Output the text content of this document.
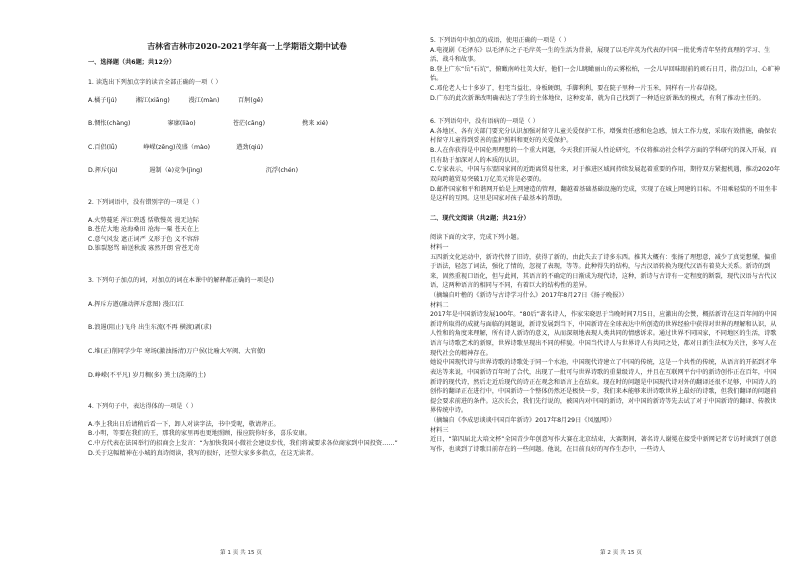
吉林省吉林市2020-2021学年高一上学期语文期中试卷
一、选择题（共6题；共12分）
1. 读选出下列加点字的读音全部正确的一项（ ）
A.橘子(jú)	湘江(xiāng)	漫江(màn)	百舸(gě)
B.惆怅(chàng)	寥廓(liào)	苍茫(cāng)	携来 xié)
C.百侣(lǚ)	峥嵘(zēng)茂盛（mào)	遒劲(qiú)
D.挥斥(jù)	遏制（è)竞争(jìng)	沉浮(chén)
2. 下列词语中，没有错别字的一项是（ ）
A.火势蔓延 浑江碧透 恬敬慢英 漫无边际
B.苍茫大地 沧海桑田 沧海一粟 苍天在上
C.意气风发 遮正词严 义形于色 义不容辞
D.锥裂怒骂 暗送秋波 寡然开朗 营苍无奇
3. 下列句子加点的词，对加点的词在本课中的解释都正确的一项是()
A.挥斥方遒(融动挥斥意图) 漫江(江
B.浪遏(阻止)飞舟 出生东流(不再 横渡)剥(求)
C.堆(正)削同学少年 寒场(激浊扬清)万户侯(比喻大军阀、大官僚)
D.峥嵘(不平凡) 岁月稠(多) 粪土(浇薄的土)
4. 下列句子中，表达得体的一项是（ ）
A.李上我出日后请稍后看一下，卸人对读字法，书中受呢，敬请斧正。
B.小明，等要在我们的王，那我的家里再也更地照顾，报应院你好多，喜乐安康。
C.中方代表在法国举行的招商会上发言：“为加快我国小微社会建设步伐，我们将诚要求各位商家到中国投资……”
D.关于这幅精神在小城的真诗阅读，我写的很好，还望大家多多指点，在这无读者。
5. 下列语句中加点的成语，使用正确的一项是（ ）
A.电视剧《毛泽东》以毛泽东之子毛岸英一生的生活为背景，展现了以毛岸英为代表的中国一批优秀青年坚持真理的学习、生活、战斗和故事。
B.登上广东“岳”石坑”，俯瞰南岭壮美大好，他们一会儿眺瞰丽山的云雾松柏，一会儿早回味眼前的顽石日月，指点江山，心旷神怡。
C.邓伦老人七十多岁了，但宅当益壮，身板硬朗，手脚利利，要在院子里种一片玉米，同样有一片春草挠。
D.广东的此次新课改明确表达了学生的主体地位，这种変革，就为自己找到了一种适应新课改的模式，有利了推动主任的。
6. 下列语句中，没有语病的一项是（ ）
A.各地区、各有关部门要充分认识加强对留守儿童关爱保护工作，增强责任感和危急感，加大工作力度，采取有效措施，确保农村留守儿童得到妥善的监护照料和更好的关爱保护。
B.人在你获得是中国伦理理想的一个重大问题，今天我们开展人性论研究，不仅将推动社会科学方面的学科研究的深入开展，而且有助于加深对人的本质的认识。
C.专家表示，中国与东盟国家间的近距离贸易往来，对于推进区域间持续发展起着重要的作用，期待双方紧握机遇，推动2020年双向跨越贸易突破1万亿美元将是必要的。
D.邮件国家和平和谐网开始是上网建造的管理，翻越着基础基础设施的完成，实现了在城上网建的目标。不用乘轻装的不用坐非是这样的互网。这里是国家对孩子最基本的帮助。
二、现代文阅读（共2题；共21分）
阅读下面的文字，完成下列小题。
材料一
五四新文化运动中，新诗代替了旧诗，获得了新的，由此失去了诗多东西。推其大概有：张扬了理想意，减少了真觉想懂，偏重于语法，轻忽了词法，强化了情的，忽视了表现，等等。此种得失的结构，与古汉语转换为现代汉语有着莫大关系。新诗的到来，固然重视口语化，但与此间，其语言的不确定的日渐成为现代诗，这种，新诗与古诗有一定程度的断裂，现代汉语与古代汉语，这两种语言的相同与不同，有着巨大的结构性的差异。
（摘编自叶橹的《新诗与古诗学习什么》2017年8月27日《扬子晚报》）
材料二
2017年是中国新诗发展100年。“80后”著名诗人，作家宋晓思于当晚时间7月5日，应激出的会赞，概括新诗在这百年间的中国新诗所取得的成就与面临的问题说，新诗发展到当下，中国新诗在全球表达中所创造的世界经验中获得对世界的理解和认识，从人性和的角度来理解，所有诗人新诗的意义，从而深刻地表现人类共同的情感诉求。通过世界不同国家，不同地区的生活，诗歌语言与诗歌艺术的新原，世界诗歌呈现出不同的样貌。中国当代诗人与世界诗人有共同之处，都对日新生法权为关注，多写人在现代社会的精神存在。
她说中国现代诗与世界诗歌的诗歌处于同一个水池，中国现代诗建立了中国的传统，这是一个共性的传统，从语言的开拓到才华表达等来说，中国新诗百年时了合代，出现了一批可与世界诗歌的重量级诗人，并且在互联网平台中的新诗创作正在百年，中国新诗的现代诗，然后走近后现代的诗正在观念和语言上在结束。现在时的问题是中国现代诗对外的翻译还很不足够，中国诗人的创作的翻译正在进行中，中国新诗一个整体仍然还是极快一步，我们来本能够来讲诗歌世界上最好的诗歌，但我们翻译的问题前提会要求前进的条件。这次长会，我们先行说的，被国内对中国的新诗，对中国的新诗等先去试了对于中国新诗的翻译、传教世界传统中诗。
（摘编自《李成思谈谈中国百年新诗》2017年8月29日《凤凰网》）
材料三
近日，“第四届北大培文杯”全国青少年创意写作大赛在北京结束，大赛期间，著名诗人谢冕在接受中新网记者专访时谈到了创意写作，也谈到了诗歌目前存在的一些问题。他说，在目前良好的写作生态中，一些诗人
第 1 页 共 15 页	第 2 页 共 15 页
